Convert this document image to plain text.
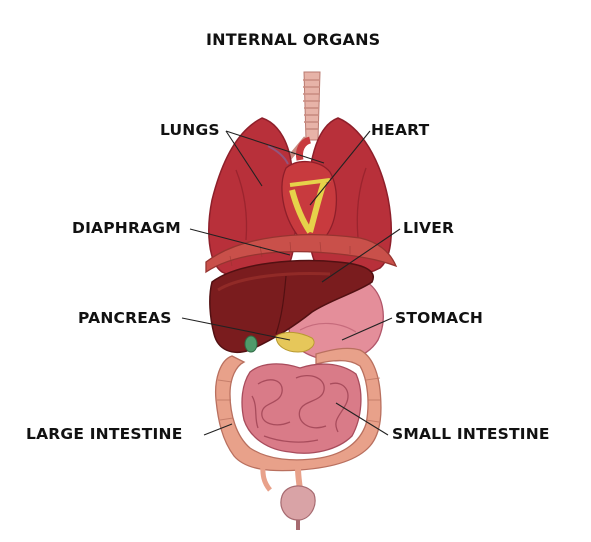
INTERNAL ORGANS
LUNGS	HEART
DIAPHRAGM	LIVER
PANCREAS	STOMACH
LARGE INTESTINE	SMALL INTESTINE
